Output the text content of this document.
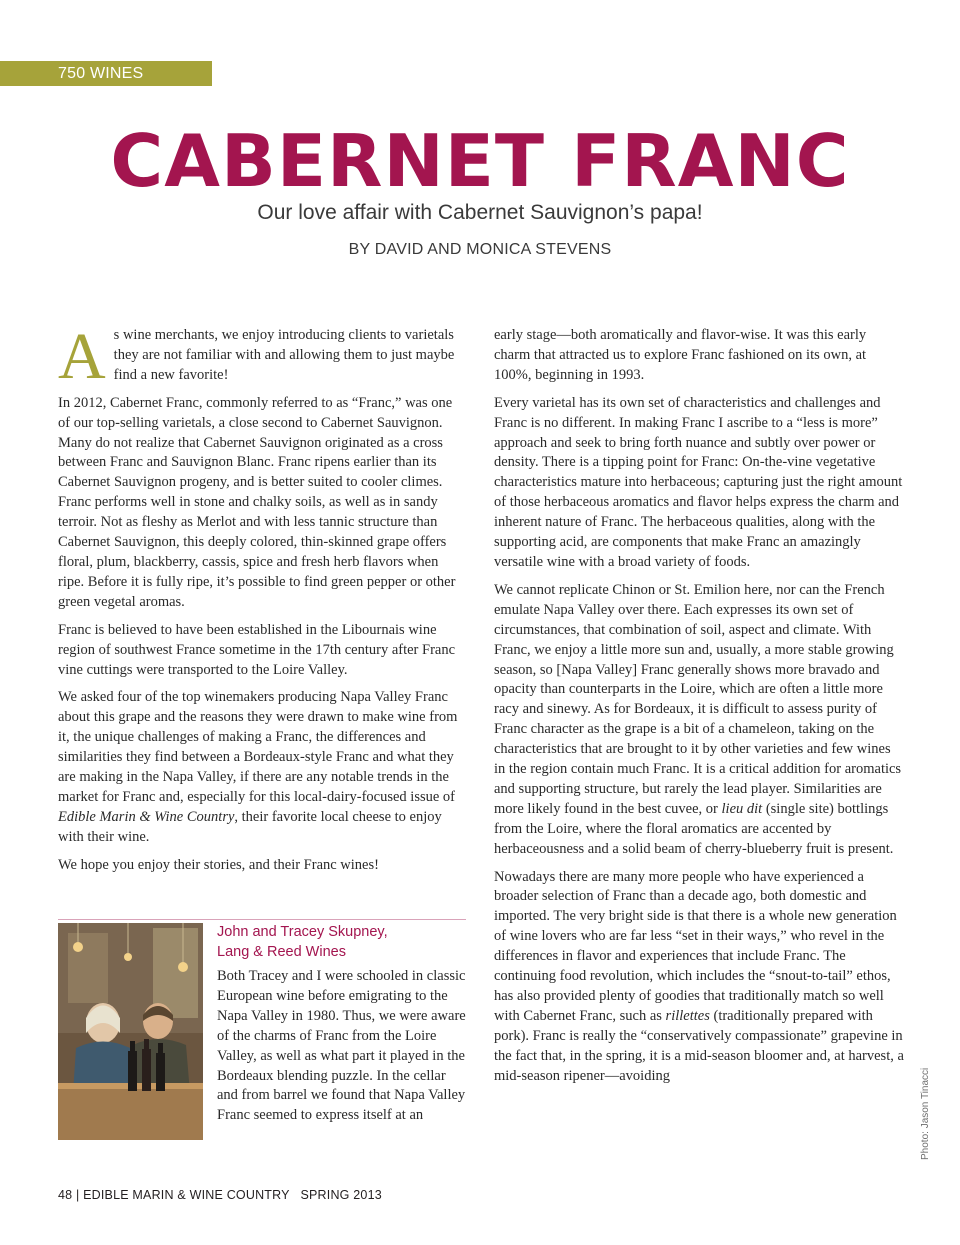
750 WINES
CABERNET FRANC
Our love affair with Cabernet Sauvignon’s papa!
BY DAVID AND MONICA STEVENS

As wine merchants, we enjoy introducing clients to varietals they are not familiar with and allowing them to just maybe find a new favorite!

In 2012, Cabernet Franc, commonly referred to as “Franc,” was one of our top-selling varietals, a close second to Cabernet Sauvignon. Many do not realize that Cabernet Sauvignon originated as a cross between Franc and Sauvignon Blanc. Franc ripens earlier than its Cabernet Sauvignon progeny, and is better suited to cooler climes. Franc performs well in stone and chalky soils, as well as in sandy terroir. Not as fleshy as Merlot and with less tannic structure than Cabernet Sauvignon, this deeply colored, thin-skinned grape offers floral, plum, blackberry, cassis, spice and fresh herb flavors when ripe. Before it is fully ripe, it’s possible to find green pepper or other green vegetal aromas.

Franc is believed to have been established in the Libournais wine region of southwest France sometime in the 17th century after Franc vine cuttings were transported to the Loire Valley.

We asked four of the top winemakers producing Napa Valley Franc about this grape and the reasons they were drawn to make wine from it, the unique challenges of making a Franc, the differences and similarities they find between a Bordeaux-style Franc and what they are making in the Napa Valley, if there are any notable trends in the market for Franc and, especially for this local-dairy-focused issue of Edible Marin & Wine Country, their favorite local cheese to enjoy with their wine.

We hope you enjoy their stories, and their Franc wines!

John and Tracey Skupney,
Lang & Reed Wines
Both Tracey and I were schooled in classic European wine before emigrating to the Napa Valley in 1980. Thus, we were aware of the charms of Franc from the Loire Valley, as well as what part it played in the Bordeaux blending puzzle. In the cellar and from barrel we found that Napa Valley Franc seemed to express itself at an

early stage—both aromatically and flavor-wise. It was this early charm that attracted us to explore Franc fashioned on its own, at 100%, beginning in 1993.

Every varietal has its own set of characteristics and challenges and Franc is no different. In making Franc I ascribe to a “less is more” approach and seek to bring forth nuance and subtly over power or density. There is a tipping point for Franc: On-the-vine vegetative characteristics mature into herbaceous; capturing just the right amount of those herbaceous aromatics and flavor helps express the charm and inherent nature of Franc. The herbaceous qualities, along with the supporting acid, are components that make Franc an amazingly versatile wine with a broad variety of foods.

We cannot replicate Chinon or St. Emilion here, nor can the French emulate Napa Valley over there. Each expresses its own set of circumstances, that combination of soil, aspect and climate. With Franc, we enjoy a little more sun and, usually, a more stable growing season, so [Napa Valley] Franc generally shows more bravado and opacity than counterparts in the Loire, which are often a little more racy and sinewy. As for Bordeaux, it is difficult to assess purity of Franc character as the grape is a bit of a chameleon, taking on the characteristics that are brought to it by other varieties and few wines in the region contain much Franc. It is a critical addition for aromatics and supporting structure, but rarely the lead player. Similarities are more likely found in the best cuvee, or lieu dit (single site) bottlings from the Loire, where the floral aromatics are accented by herbaceousness and a solid beam of cherry-blueberry fruit is present.

Nowadays there are many more people who have experienced a broader selection of Franc than a decade ago, both domestic and imported. The very bright side is that there is a whole new generation of wine lovers who are far less “set in their ways,” who revel in the differences in flavor and experiences that include Franc. The continuing food revolution, which includes the “snout-to-tail” ethos, has also provided plenty of goodies that traditionally match so well with Cabernet Franc, such as rillettes (traditionally prepared with pork). Franc is really the “conservatively compassionate” grapevine in the fact that, in the spring, it is a mid-season bloomer and, at harvest, a mid-season ripener—avoiding

48 | EDIBLE MARIN & WINE COUNTRY   SPRING 2013
Photo: Jason Tinacci
